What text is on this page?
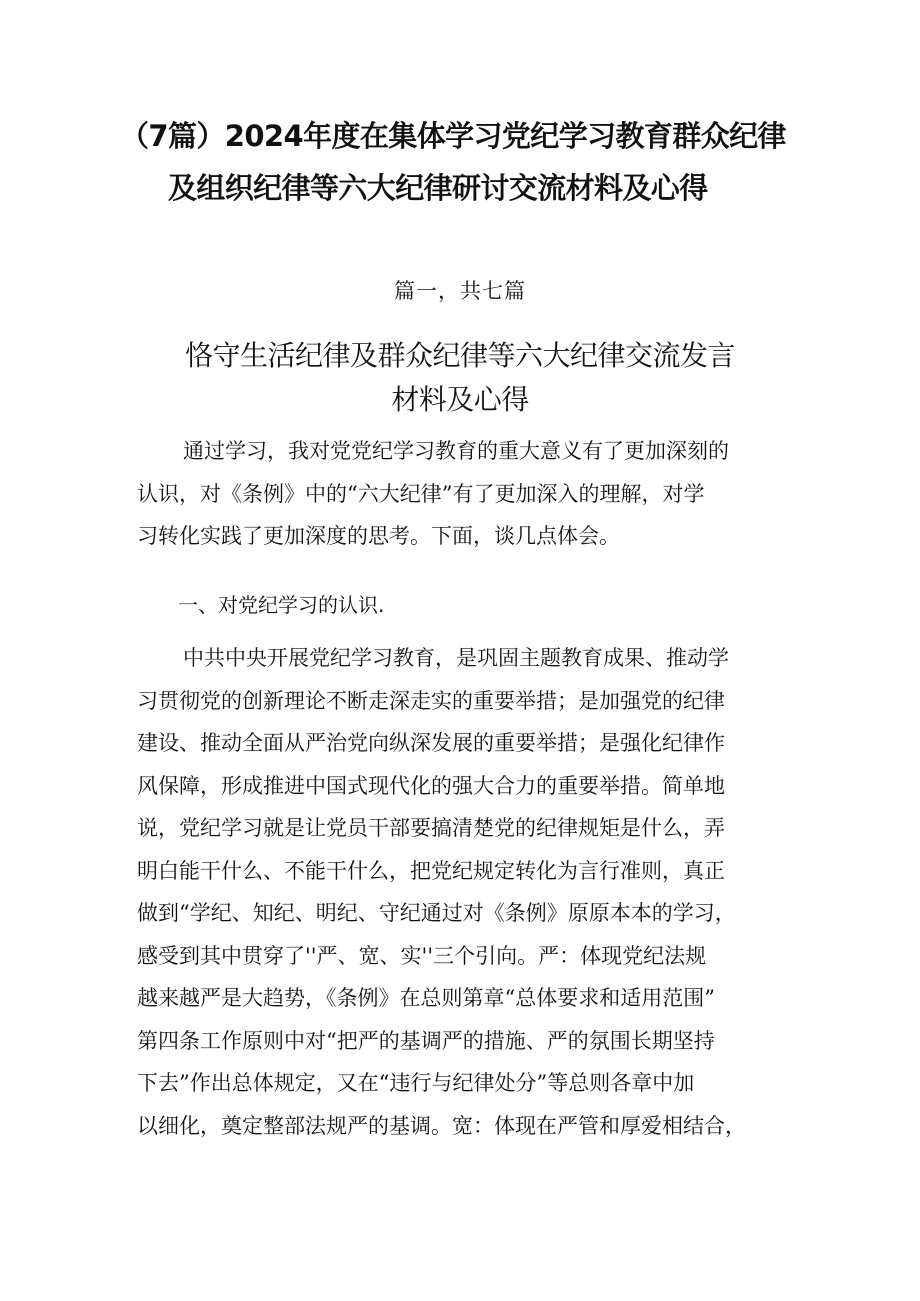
（7篇）2024年度在集体学习党纪学习教育群众纪律
及组织纪律等六大纪律研讨交流材料及心得
篇一，共七篇
恪守生活纪律及群众纪律等六大纪律交流发言
材料及心得

通过学习，我对党党纪学习教育的重大意义有了更加深刻的
认识，对《条例》中的“六大纪律”有了更加深入的理解，对学
习转化实践了更加深度的思考。下面，谈几点体会。

一、对党纪学习的认识.

中共中央开展党纪学习教育，是巩固主题教育成果、推动学
习贯彻党的创新理论不断走深走实的重要举措；是加强党的纪律
建设、推动全面从严治党向纵深发展的重要举措；是强化纪律作
风保障，形成推进中国式现代化的强大合力的重要举措。简单地
说，党纪学习就是让党员干部要搞清楚党的纪律规矩是什么，弄
明白能干什么、不能干什么，把党纪规定转化为言行准则，真正
做到“学纪、知纪、明纪、守纪通过对《条例》原原本本的学习，
感受到其中贯穿了''严、宽、实''三个引向。严：体现党纪法规
越来越严是大趋势，《条例》在总则第章“总体要求和适用范围”
第四条工作原则中对“把严的基调严的措施、严的氛围长期坚持
下去”作出总体规定，又在“违行与纪律处分”等总则各章中加
以细化，奠定整部法规严的基调。宽：体现在严管和厚爱相结合，
